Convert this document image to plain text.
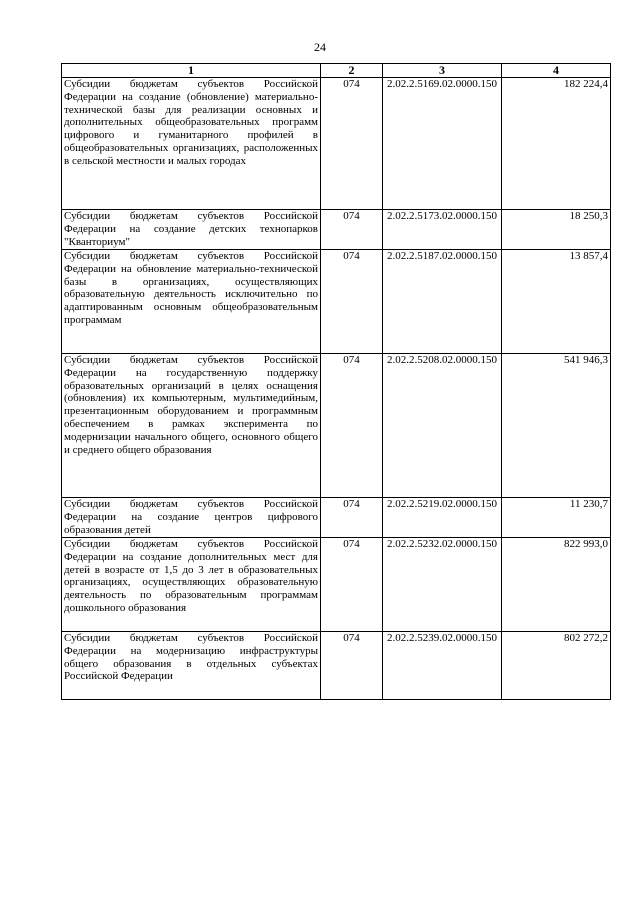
24
1	2	3	4
Субсидии бюджетам субъектов Российской Федерации на создание (обновление) материально-технической базы для реализации основных и дополнительных общеобразовательных программ цифрового и гуманитарного профилей в общеобразовательных организациях, расположенных в сельской местности и малых городах	074	2.02.2.5169.02.0000.150	182 224,4
Субсидии бюджетам субъектов Российской Федерации на создание детских технопарков "Кванториум"	074	2.02.2.5173.02.0000.150	18 250,3
Субсидии бюджетам субъектов Российской Федерации на обновление материально-технической базы в организациях, осуществляющих образовательную деятельность исключительно по адаптированным основным общеобразовательным программам	074	2.02.2.5187.02.0000.150	13 857,4
Субсидии бюджетам субъектов Российской Федерации на государственную поддержку образовательных организаций в целях оснащения (обновления) их компьютерным, мультимедийным, презентационным оборудованием и программным обеспечением в рамках эксперимента по модернизации начального общего, основного общего и среднего общего образования	074	2.02.2.5208.02.0000.150	541 946,3
Субсидии бюджетам субъектов Российской Федерации на создание центров цифрового образования детей	074	2.02.2.5219.02.0000.150	11 230,7
Субсидии бюджетам субъектов Российской Федерации на создание дополнительных мест для детей в возрасте от 1,5 до 3 лет в образовательных организациях, осуществляющих образовательную деятельность по образовательным программам дошкольного образования	074	2.02.2.5232.02.0000.150	822 993,0
Субсидии бюджетам субъектов Российской Федерации на модернизацию инфраструктуры общего образования в отдельных субъектах Российской Федерации	074	2.02.2.5239.02.0000.150	802 272,2
